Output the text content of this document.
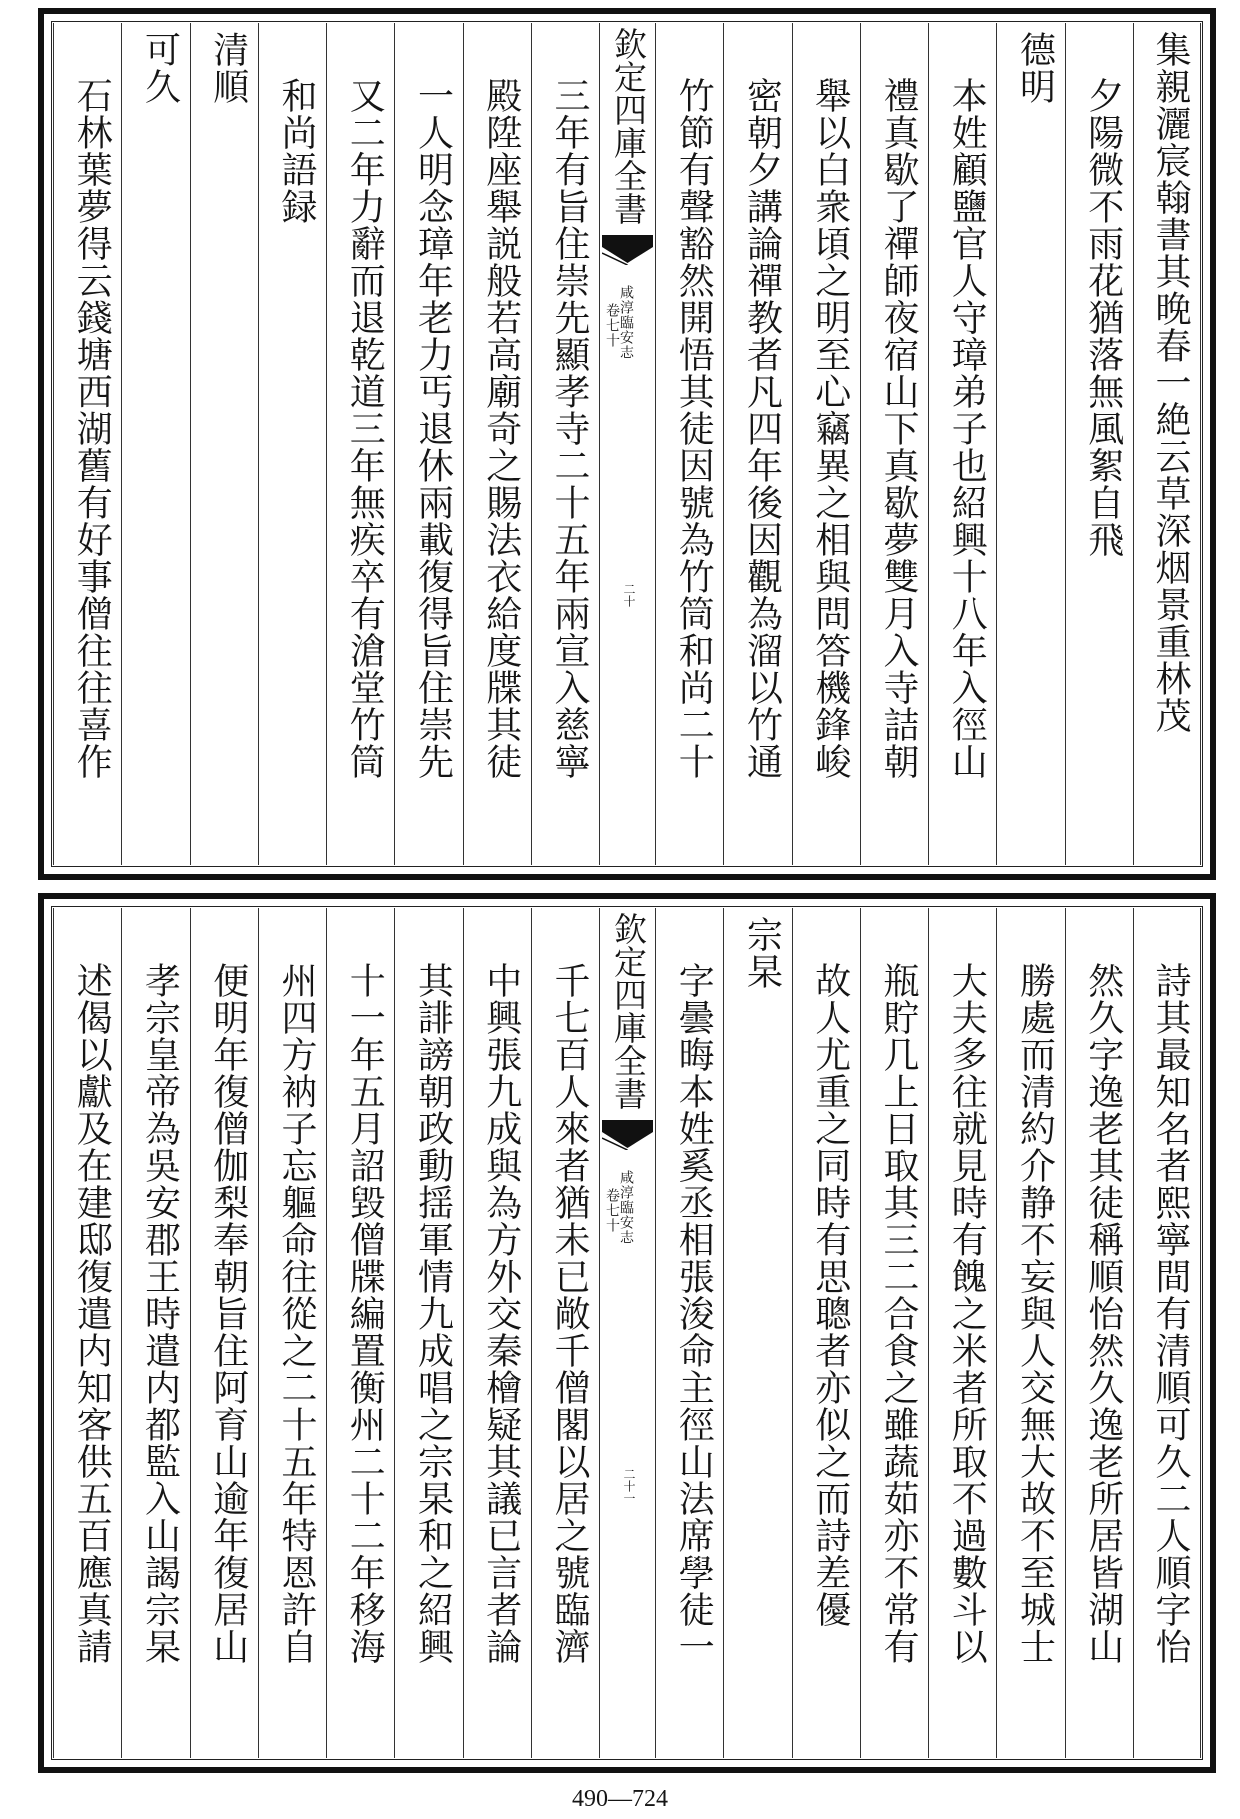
集親灑宸翰書其晚春一絶云草深烟景重林茂
夕陽微不雨花猶落無風絮自飛
德明
本姓顧鹽官人守璋弟子也紹興十八年入徑山
禮真歇了禪師夜宿山下真歇夢雙月入寺詰朝
舉以白衆頃之明至心竊異之相與問答機鋒峻
密朝夕講論禪教者凡四年後因觀為溜以竹通
竹節有聲豁然開悟其徒因號為竹筒和尚二十
欽定四庫全書
咸淳臨安志
卷七十
二十
三年有旨住崇先顯孝寺二十五年兩宣入慈寧
殿陞座舉説般若高廟奇之賜法衣給度牒其徒
一人明念璋年老力丐退休兩載復得旨住崇先
又二年力辭而退乾道三年無疾卒有滄堂竹筒
和尚語録
清順
可久
石林葉夢得云錢塘西湖舊有好事僧往往喜作
詩其最知名者熙寧間有清順可久二人順字怡
然久字逸老其徒稱順怡然久逸老所居皆湖山
勝處而清約介静不妄與人交無大故不至城士
大夫多往就見時有餽之米者所取不過數斗以
瓶貯几上日取其三二合食之雖蔬茹亦不常有
故人尤重之同時有思聰者亦似之而詩差優
宗杲
字曇晦本姓奚丞相張浚命主徑山法席學徒一
欽定四庫全書
咸淳臨安志
卷七十
二十一
千七百人來者猶未已敞千僧閣以居之號臨濟
中興張九成與為方外交秦檜疑其議已言者論
其誹謗朝政動揺軍情九成唱之宗杲和之紹興
十一年五月詔毀僧牒編置衡州二十二年移海
州四方衲子忘軀命往從之二十五年特恩許自
便明年復僧伽梨奉朝旨住阿育山逾年復居山
孝宗皇帝為吳安郡王時遣内都監入山謁宗杲
述偈以獻及在建邸復遣内知客供五百應真請
490—724
